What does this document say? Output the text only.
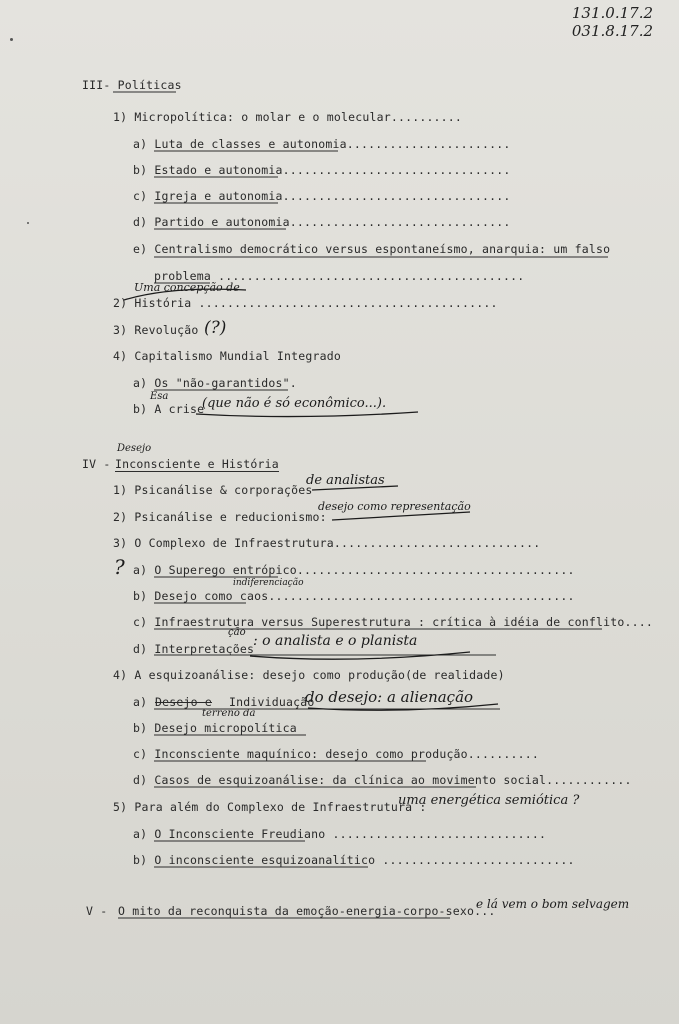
131.0.17.2
031.8.17.2
III- Políticas
1) Micropolítica: o molar e o molecular..........
a) Luta de classes e autonomia.......................
b) Estado e autonomia................................
c) Igreja e autonomia................................
d) Partido e autonomia...............................
e) Centralismo democrático versus espontaneísmo, anarquia: um falso
problema ...........................................
Uma concepção de
2) História ..........................................
3) Revolução (?)
4) Capitalismo Mundial Integrado
a) Os "não-garantidos".
Esa
b) A crise
(que não é só econômico...).
Desejo
IV - Inconsciente e História
1) Psicanálise & corporações
de analistas
2) Psicanálise e reducionismo:
desejo como representação
3) O Complexo de Infraestrutura.............................
? a) O Superego entrópico.......................................
indiferenciação
b) Desejo como caos...........................................
c) Infraestrutura versus Superestrutura : crítica à idéia de conflito....
ção
d) Interpretações
: o analista e o planista
4) A esquizoanálise: desejo como produção(de realidade)
a) Desejo e Individuação
do desejo: a alienação
terreno da
b) Desejo micropolítica
c) Inconsciente maquínico: desejo como produção..........
d) Casos de esquizoanálise: da clínica ao movimento social............
5) Para além do Complexo de Infraestrutura :
uma energética semiótica ?
a) O Inconsciente Freudiano ..............................
b) O inconsciente esquizoanalítico ...........................
V - O mito da reconquista da emoção-energia-corpo-sexo...
e lá vem o bom selvagem
